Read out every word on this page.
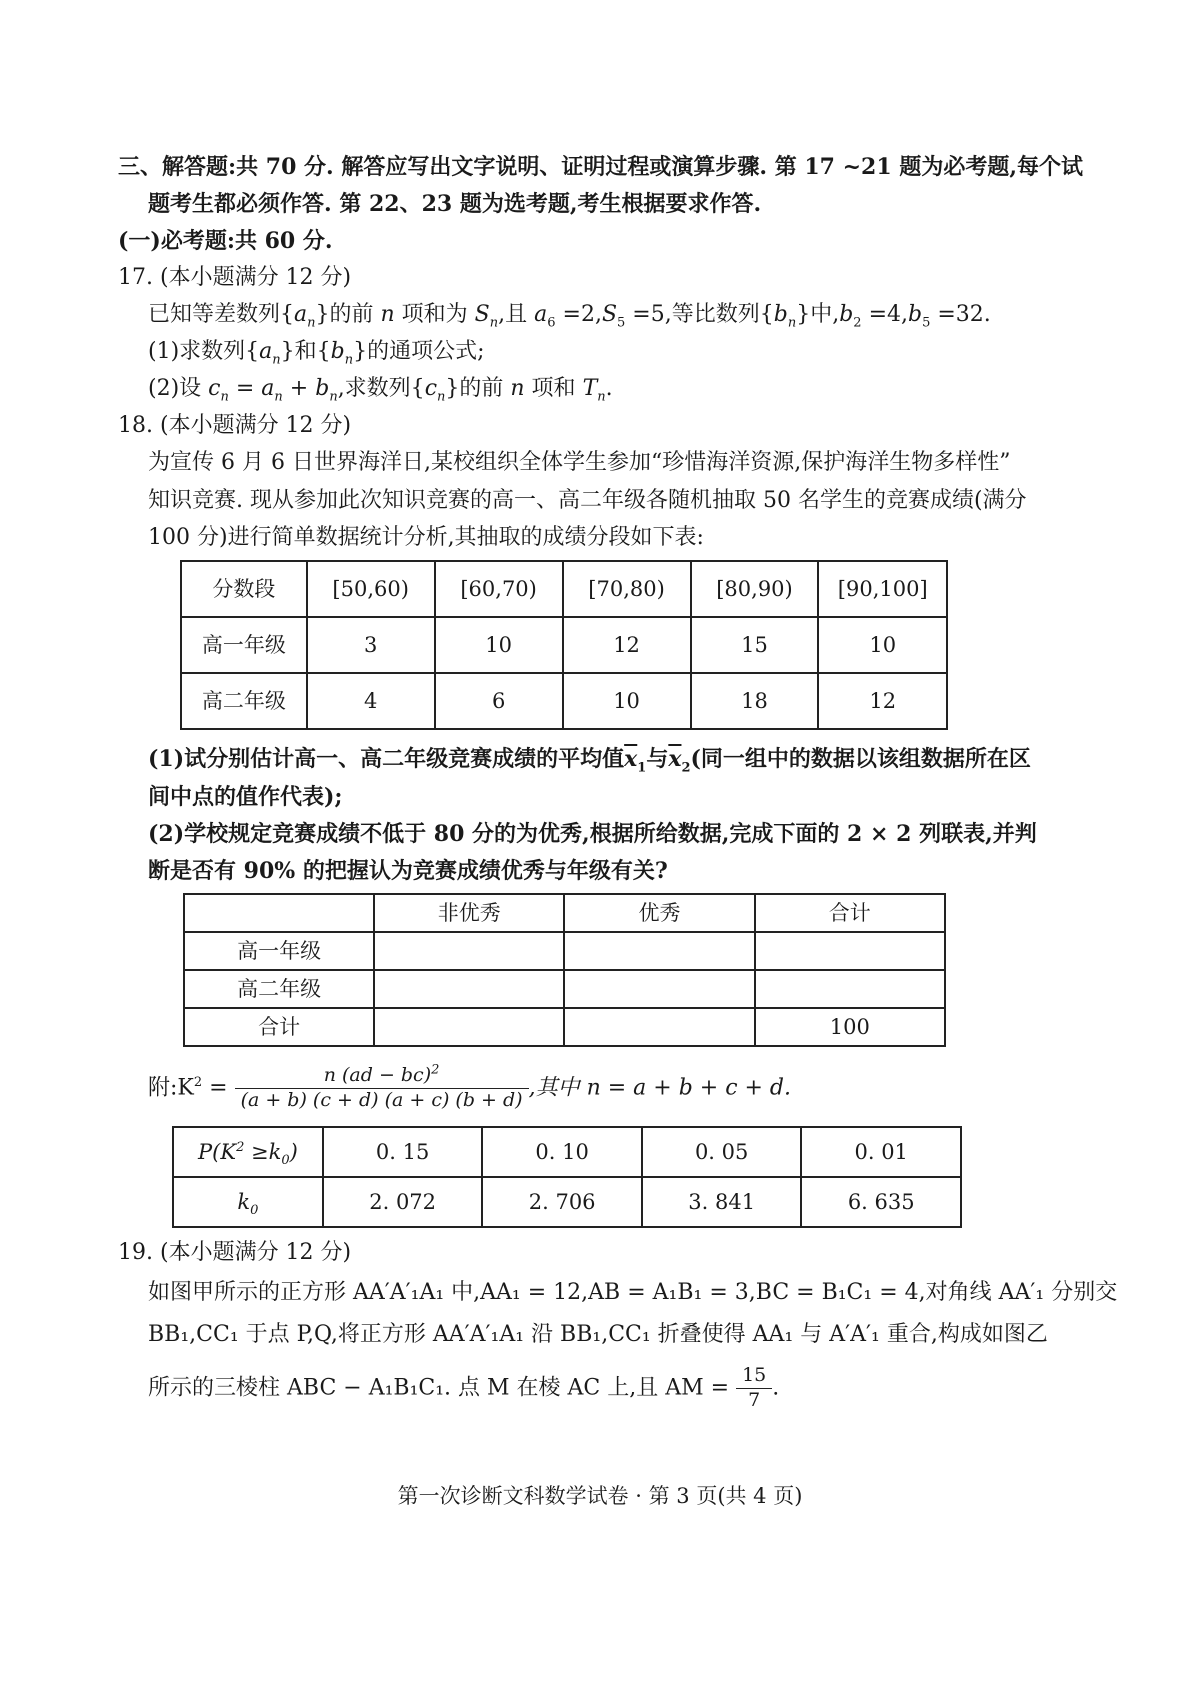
三、解答题:共 70 分. 解答应写出文字说明、证明过程或演算步骤. 第 17 ~21 题为必考题,每个试
题考生都必须作答. 第 22、23 题为选考题,考生根据要求作答.
(一)必考题:共 60 分.
17. (本小题满分 12 分)
已知等差数列$\{a_n\}$的前 n 项和为 $S_n$,且 $a_6 =2,S_5 =5$,等比数列$\{b_n\}$中$,b_2 =4,b_5 =32$.
(1)求数列$\{a_n\}$和$\{b_n\}$的通项公式;
(2)设 $c_n = a_n + b_n$,求数列$\{c_n\}$的前 n 项和 $T_n$.
18. (本小题满分 12 分)
为宣传 6 月 6 日世界海洋日,某校组织全体学生参加“珍惜海洋资源,保护海洋生物多样性”
知识竞赛. 现从参加此次知识竞赛的高一、高二年级各随机抽取 50 名学生的竞赛成绩(满分
100 分)进行简单数据统计分析,其抽取的成绩分段如下表:
分数段	[50,60)	[60,70)	[70,80)	[80,90)	[90,100]
高一年级	3	10	12	15	10
高二年级	4	6	10	18	12
(1)试分别估计高一、高二年级竞赛成绩的平均值$\overline{x}_1$与$\overline{x}_2$(同一组中的数据以该组数据所在区
间中点的值作代表);
(2)学校规定竞赛成绩不低于 80 分的为优秀,根据所给数据,完成下面的 2 × 2 列联表,并判
断是否有 90% 的把握认为竞赛成绩优秀与年级有关?
	非优秀	优秀	合计
高一年级			
高二年级			
合计			100
附$:K^2 = \frac{n (ad - bc)^2}{(a + b) (c + d) (a + c) (b + d)}$ ,其中 n = a + b + c + d.
$P(K^2 \ge k_0)$	0. 15	0. 10	0. 05	0. 01
$k_0$	2. 072	2. 706	3. 841	6. 635
19. (本小题满分 12 分)
如图甲所示的正方形 AA′A′₁A₁ 中,AA₁ = 12,AB = A₁B₁ = 3,BC = B₁C₁ = 4,对角线 AA′₁ 分别交
BB₁,CC₁ 于点 P,Q,将正方形 AA′A′₁A₁ 沿 BB₁,CC₁ 折叠使得 AA₁ 与 A′A′₁ 重合,构成如图乙
所示的三棱柱 ABC − A₁B₁C₁. 点 M 在棱 AC 上,且 AM = $\frac{15}{7}$ .
第一次诊断文科数学试卷 · 第 3 页(共 4 页)
